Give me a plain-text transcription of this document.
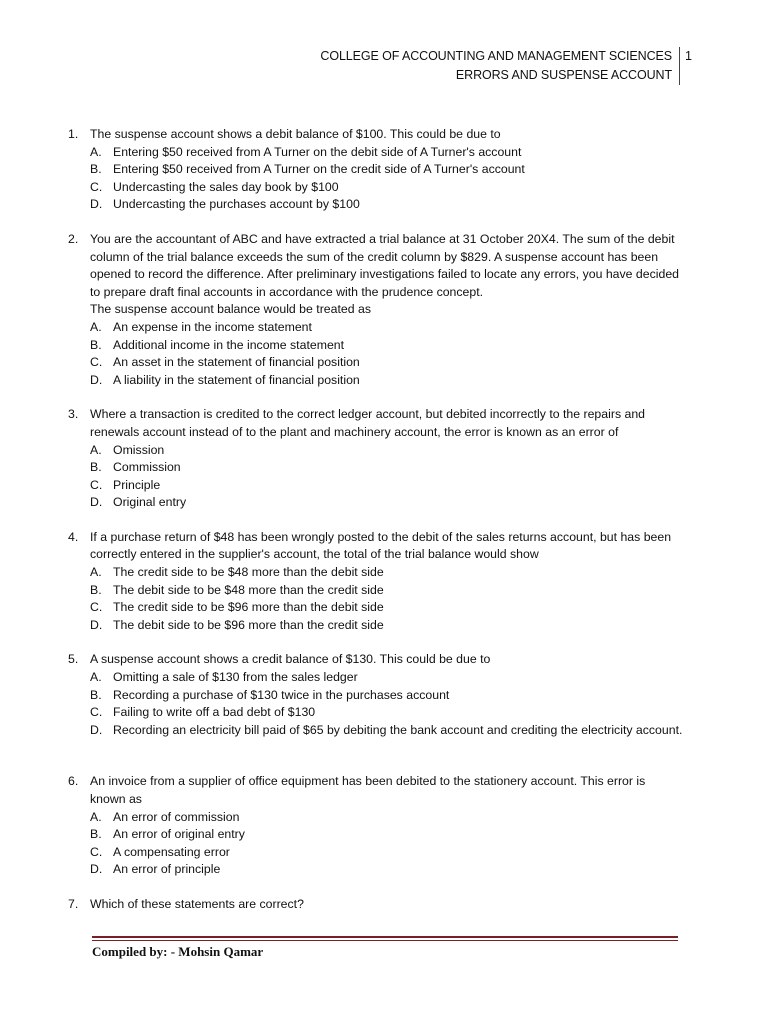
COLLEGE OF ACCOUNTING AND MANAGEMENT SCIENCES
ERRORS AND SUSPENSE ACCOUNT
1
1. The suspense account shows a debit balance of $100. This could be due to
A. Entering $50 received from A Turner on the debit side of A Turner's account
B. Entering $50 received from A Turner on the credit side of A Turner's account
C. Undercasting the sales day book by $100
D. Undercasting the purchases account by $100
2. You are the accountant of ABC and have extracted a trial balance at 31 October 20X4. The sum of the debit column of the trial balance exceeds the sum of the credit column by $829. A suspense account has been opened to record the difference. After preliminary investigations failed to locate any errors, you have decided to prepare draft final accounts in accordance with the prudence concept.
The suspense account balance would be treated as
A. An expense in the income statement
B. Additional income in the income statement
C. An asset in the statement of financial position
D. A liability in the statement of financial position
3. Where a transaction is credited to the correct ledger account, but debited incorrectly to the repairs and renewals account instead of to the plant and machinery account, the error is known as an error of
A. Omission
B. Commission
C. Principle
D. Original entry
4. If a purchase return of $48 has been wrongly posted to the debit of the sales returns account, but has been correctly entered in the supplier's account, the total of the trial balance would show
A. The credit side to be $48 more than the debit side
B. The debit side to be $48 more than the credit side
C. The credit side to be $96 more than the debit side
D. The debit side to be $96 more than the credit side
5. A suspense account shows a credit balance of $130. This could be due to
A. Omitting a sale of $130 from the sales ledger
B. Recording a purchase of $130 twice in the purchases account
C. Failing to write off a bad debt of $130
D. Recording an electricity bill paid of $65 by debiting the bank account and crediting the electricity account.
6. An invoice from a supplier of office equipment has been debited to the stationery account. This error is known as
A. An error of commission
B. An error of original entry
C. A compensating error
D. An error of principle
7. Which of these statements are correct?
Compiled by: - Mohsin Qamar
